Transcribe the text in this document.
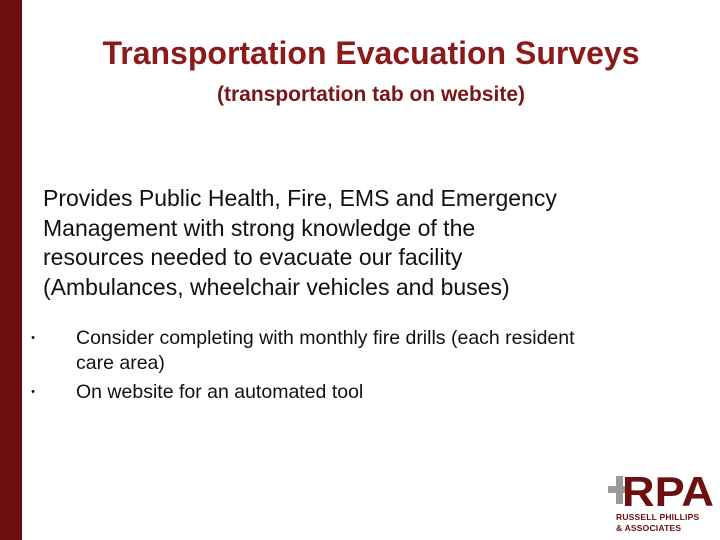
Transportation Evacuation Surveys
(transportation tab on website)
Provides Public Health, Fire, EMS and Emergency
Management with strong knowledge of the
resources needed to evacuate our facility
(Ambulances, wheelchair vehicles and buses)
• Consider completing with monthly fire drills (each resident
care area)
• On website for an automated tool
RPA
RUSSELL PHILLIPS
& ASSOCIATES
